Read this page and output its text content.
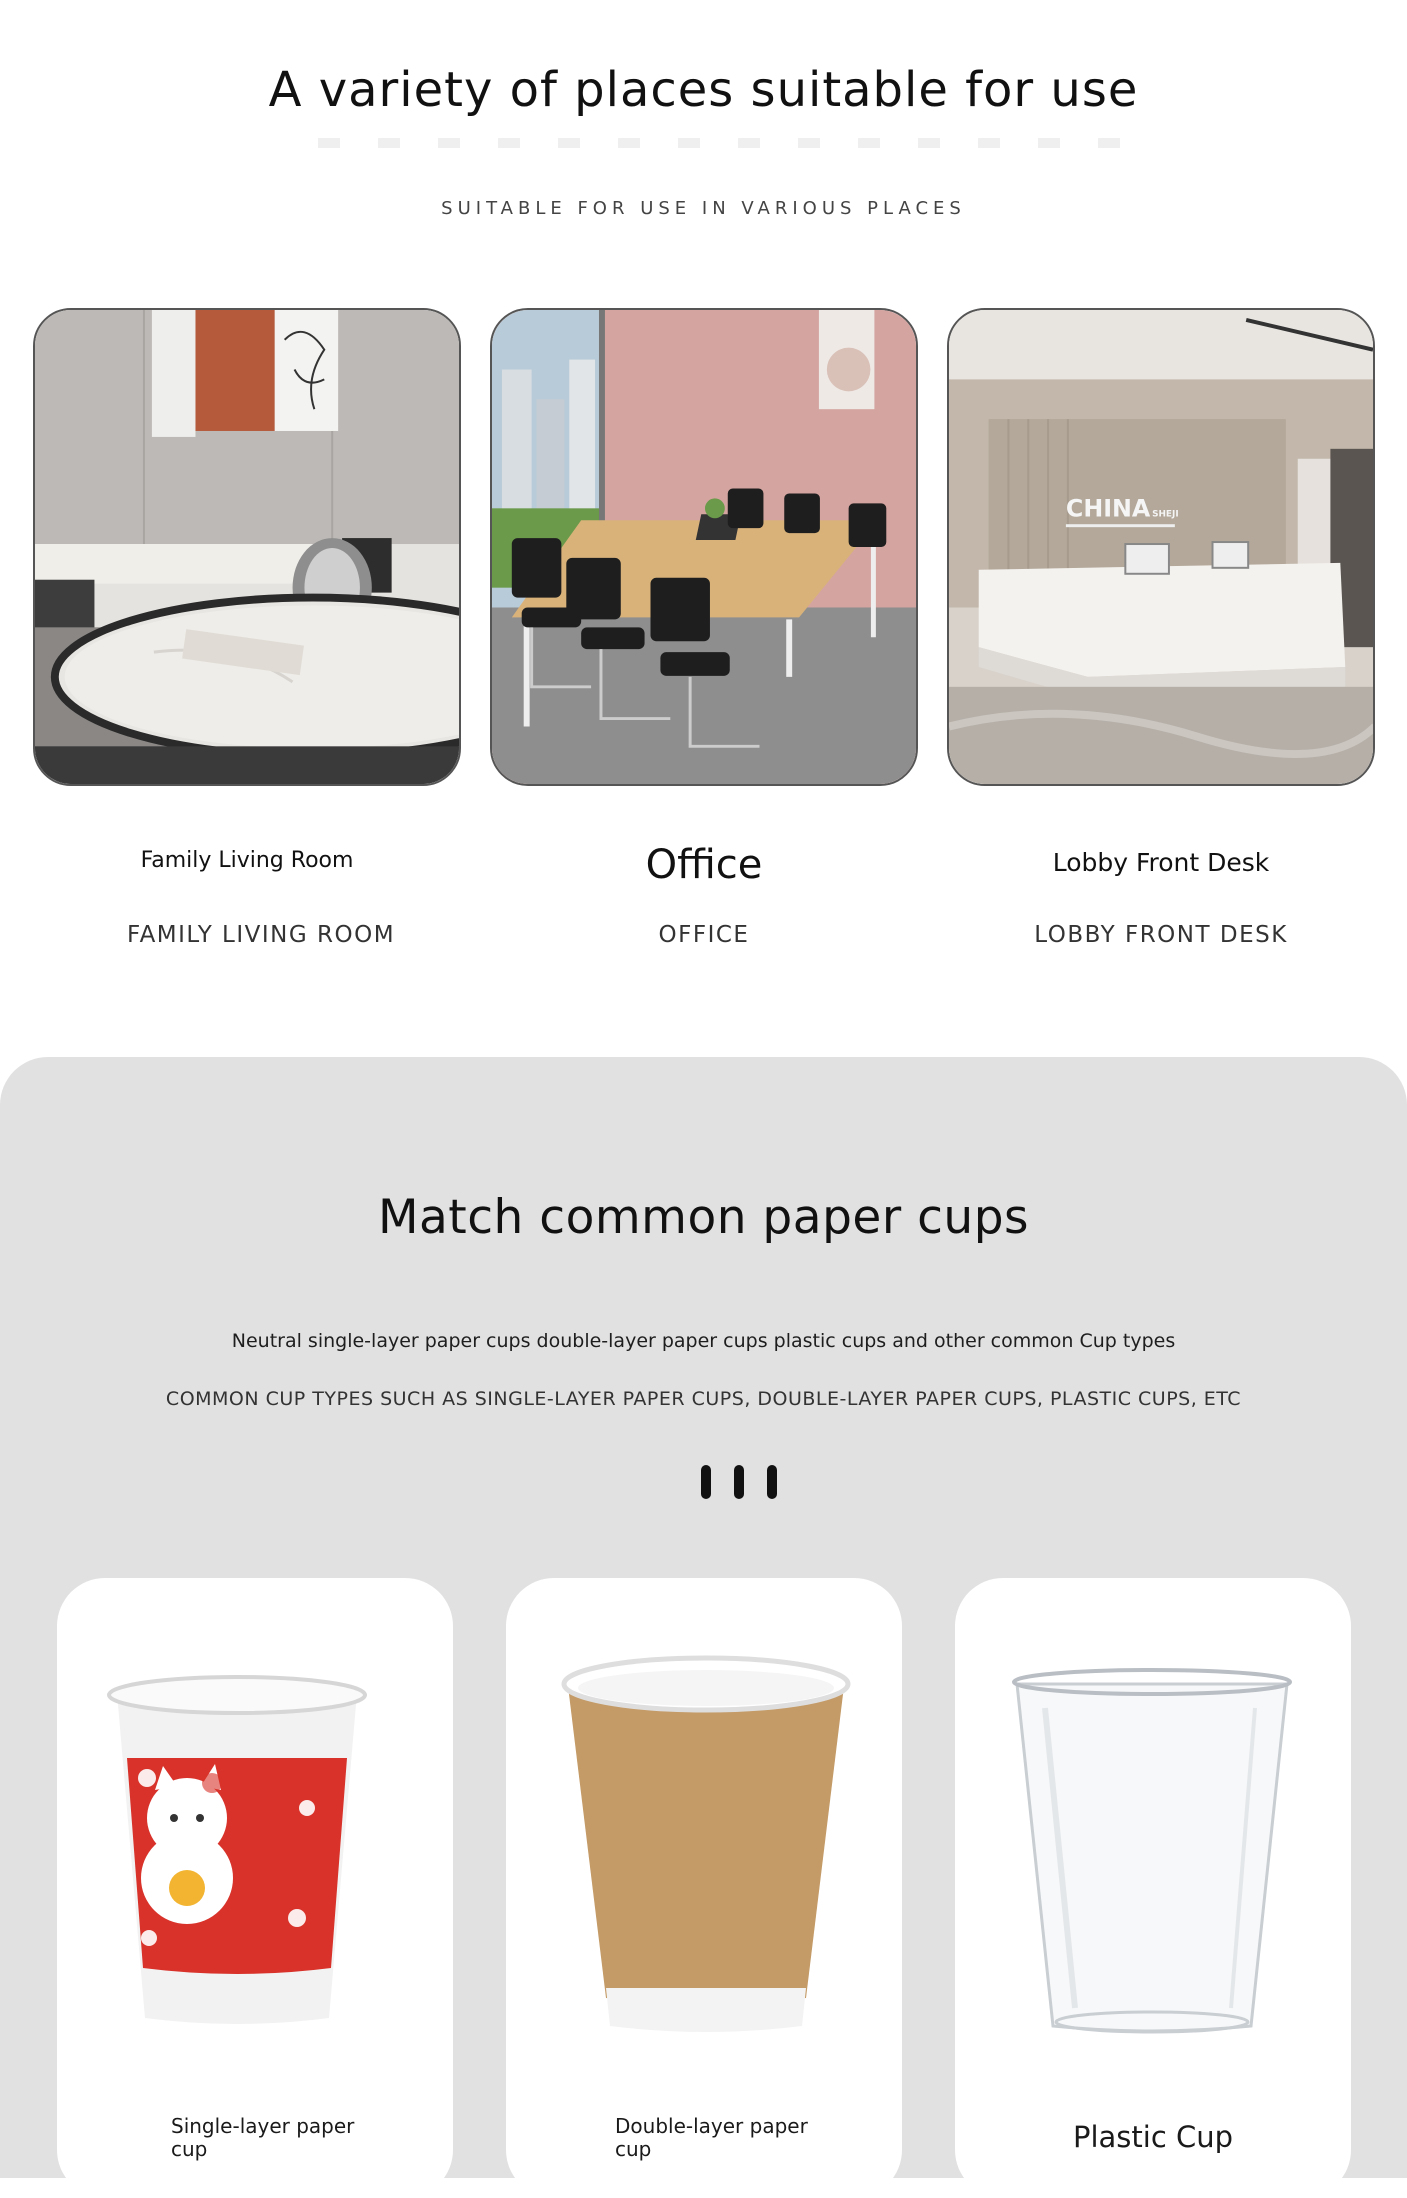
A variety of places suitable for use
SUITABLE FOR USE IN VARIOUS PLACES
CHINA SHEJI
Family Living Room	Office	Lobby Front Desk
FAMILY LIVING ROOM	OFFICE	LOBBY FRONT DESK
Match common paper cups
Neutral single-layer paper cups double-layer paper cups plastic cups and other common Cup types
COMMON CUP TYPES SUCH AS SINGLE-LAYER PAPER CUPS, DOUBLE-LAYER PAPER CUPS, PLASTIC CUPS, ETC
Single-layer paper cup
Double-layer paper cup	Plastic Cup
